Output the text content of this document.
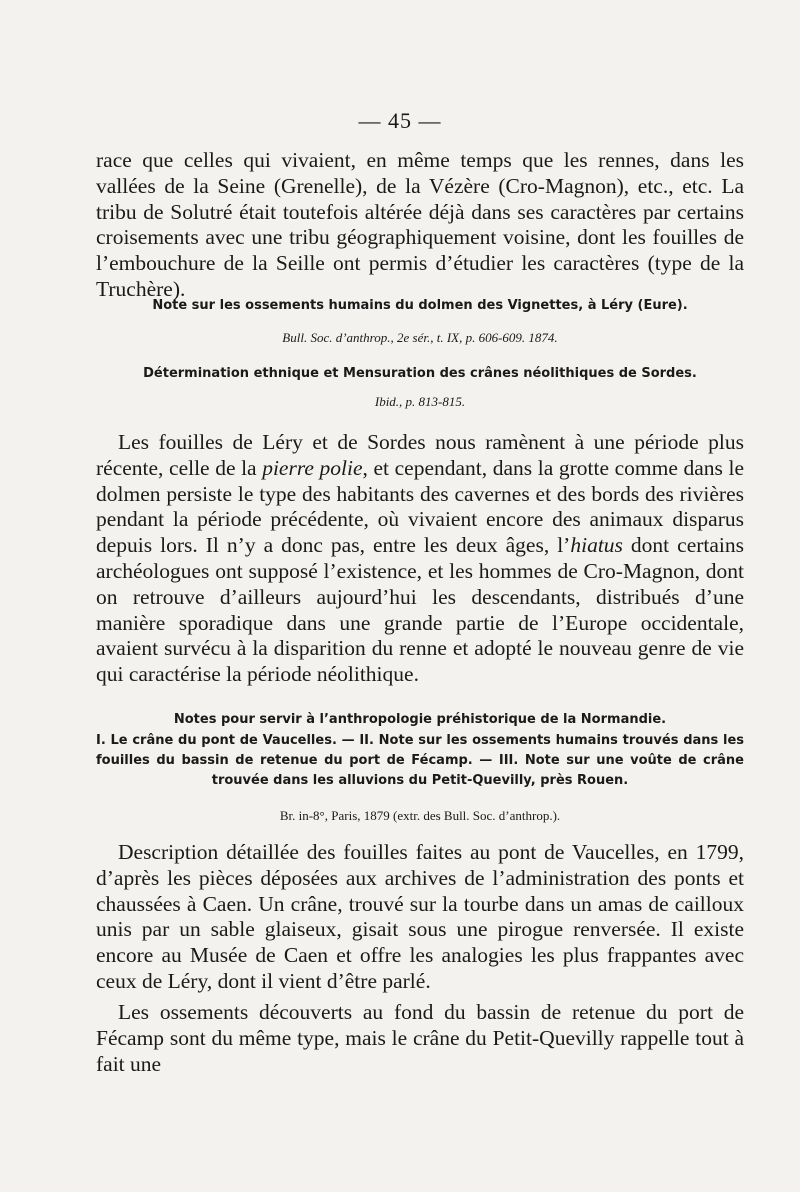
— 45 —
race que celles qui vivaient, en même temps que les rennes, dans les vallées de la Seine (Grenelle), de la Vézère (Cro-Magnon), etc., etc. La tribu de Solutré était toutefois altérée déjà dans ses caractères par certains croisements avec une tribu géographiquement voisine, dont les fouilles de l’embouchure de la Seille ont permis d’étudier les caractères (type de la Truchère).
Note sur les ossements humains du dolmen des Vignettes, à Léry (Eure).
Bull. Soc. d’anthrop., 2e sér., t. IX, p. 606-609. 1874.
Détermination ethnique et Mensuration des crânes néolithiques de Sordes.
Ibid., p. 813-815.
Les fouilles de Léry et de Sordes nous ramènent à une période plus récente, celle de la pierre polie, et cependant, dans la grotte comme dans le dolmen persiste le type des habitants des cavernes et des bords des rivières pendant la période précédente, où vivaient encore des animaux disparus depuis lors. Il n’y a donc pas, entre les deux âges, l’hiatus dont certains archéologues ont supposé l’existence, et les hommes de Cro-Magnon, dont on retrouve d’ailleurs aujourd’hui les descendants, distribués d’une manière sporadique dans une grande partie de l’Europe occidentale, avaient survécu à la disparition du renne et adopté le nouveau genre de vie qui caractérise la période néolithique.
Notes pour servir à l’anthropologie préhistorique de la Normandie.
I. Le crâne du pont de Vaucelles. — II. Note sur les ossements humains trouvés dans les fouilles du bassin de retenue du port de Fécamp. — III. Note sur une voûte de crâne trouvée dans les alluvions du Petit-Quevilly, près Rouen.
Br. in-8°, Paris, 1879 (extr. des Bull. Soc. d’anthrop.).
Description détaillée des fouilles faites au pont de Vaucelles, en 1799, d’après les pièces déposées aux archives de l’administration des ponts et chaussées à Caen. Un crâne, trouvé sur la tourbe dans un amas de cailloux unis par un sable glaiseux, gisait sous une pirogue renversée. Il existe encore au Musée de Caen et offre les analogies les plus frappantes avec ceux de Léry, dont il vient d’être parlé.
Les ossements découverts au fond du bassin de retenue du port de Fécamp sont du même type, mais le crâne du Petit-Quevilly rappelle tout à fait une
